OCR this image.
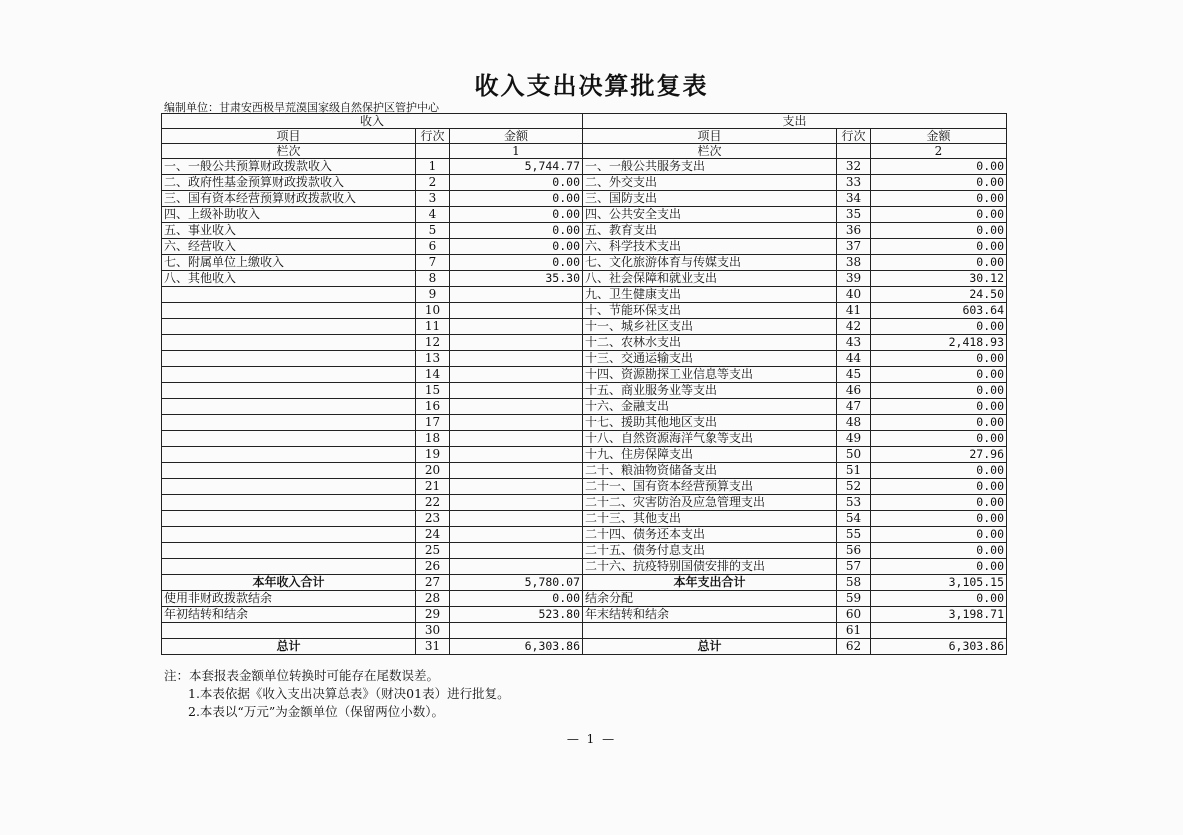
收入支出决算批复表
编制单位：甘肃安西极旱荒漠国家级自然保护区管护中心
收入			支出		
项目	行次	金额	项目	行次	金额
栏次		1	栏次		2
一、一般公共预算财政拨款收入	1	5,744.77	一、一般公共服务支出	32	0.00
二、政府性基金预算财政拨款收入	2	0.00	二、外交支出	33	0.00
三、国有资本经营预算财政拨款收入	3	0.00	三、国防支出	34	0.00
四、上级补助收入	4	0.00	四、公共安全支出	35	0.00
五、事业收入	5	0.00	五、教育支出	36	0.00
六、经营收入	6	0.00	六、科学技术支出	37	0.00
七、附属单位上缴收入	7	0.00	七、文化旅游体育与传媒支出	38	0.00
八、其他收入	8	35.30	八、社会保障和就业支出	39	30.12
	9		九、卫生健康支出	40	24.50
	10		十、节能环保支出	41	603.64
	11		十一、城乡社区支出	42	0.00
	12		十二、农林水支出	43	2,418.93
	13		十三、交通运输支出	44	0.00
	14		十四、资源勘探工业信息等支出	45	0.00
	15		十五、商业服务业等支出	46	0.00
	16		十六、金融支出	47	0.00
	17		十七、援助其他地区支出	48	0.00
	18		十八、自然资源海洋气象等支出	49	0.00
	19		十九、住房保障支出	50	27.96
	20		二十、粮油物资储备支出	51	0.00
	21		二十一、国有资本经营预算支出	52	0.00
	22		二十二、灾害防治及应急管理支出	53	0.00
	23		二十三、其他支出	54	0.00
	24		二十四、债务还本支出	55	0.00
	25		二十五、债务付息支出	56	0.00
	26		二十六、抗疫特别国债安排的支出	57	0.00
本年收入合计	27	5,780.07	本年支出合计	58	3,105.15
使用非财政拨款结余	28	0.00	结余分配	59	0.00
年初结转和结余	29	523.80	年末结转和结余	60	3,198.71
	30			61	
总计	31	6,303.86	总计	62	6,303.86
注：本套报表金额单位转换时可能存在尾数误差。
1.本表依据《收入支出决算总表》（财决01表）进行批复。
2.本表以“万元”为金额单位（保留两位小数）。
— 1 —
